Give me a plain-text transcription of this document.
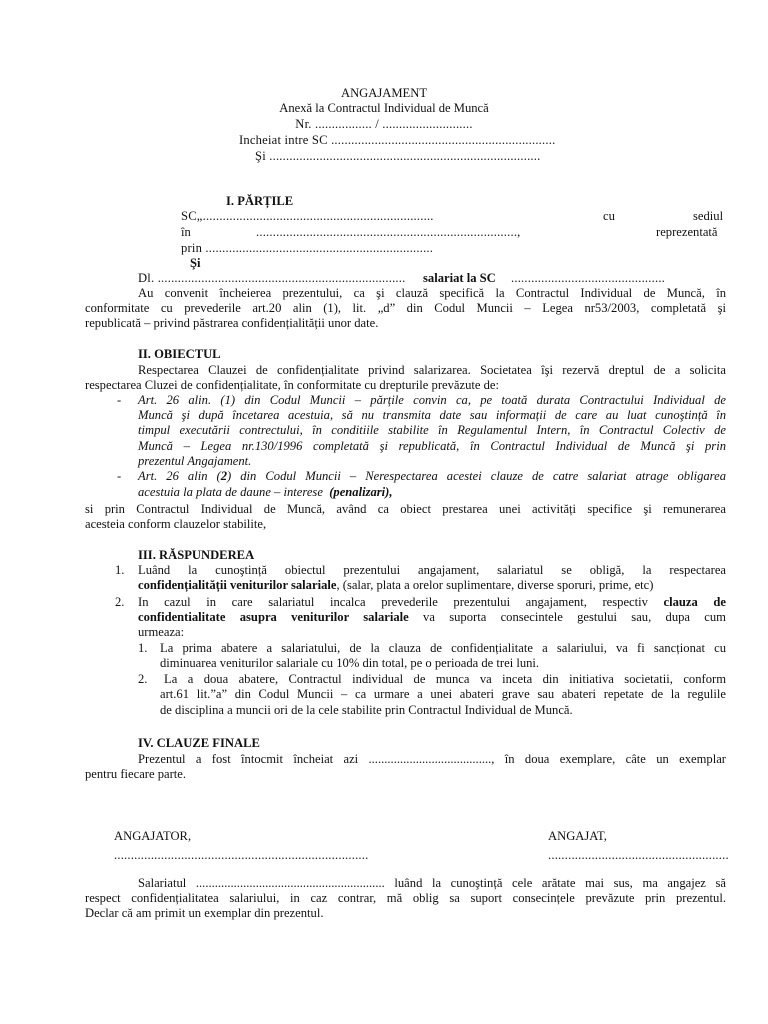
ANGAJAMENT
Anexă la Contractul Individual de Muncă
Nr. ................. / ...........................
Incheiat intre SC ...................................................................
Şi .................................................................................
I. PĂRȚILE
SC„.....................................................................	cu	sediul
în	..............................................................................,	reprezentată
prin ....................................................................
Şi
Dl. .......................................................................... salariat la SC ..............................................
Au convenit încheierea prezentului, ca şi clauză specifică la Contractul Individual de Muncă, în
conformitate cu prevederile art.20 alin (1), lit. „d” din Codul Muncii – Legea nr53/2003, completată şi
republicată – privind păstrarea confidențialității unor date.
II. OBIECTUL
Respectarea Clauzei de confidențialitate privind salarizarea. Societatea îşi rezervă dreptul de a solicita
respectarea Cluzei de confidențialitate, în conformitate cu drepturile prevăzute de:
- Art. 26 alin. (1) din Codul Muncii – părțile convin ca, pe toată durata Contractului Individual de
Muncă şi după încetarea acestuia, să nu transmita date sau informații de care au luat cunoştință în
timpul executării contrectului, în conditiile stabilite în Regulamentul Intern, în Contractul Colectiv de
Muncă – Legea nr.130/1996 completată şi republicată, în Contractul Individual de Muncă şi prin
prezentul Angajament.
- Art. 26 alin (2) din Codul Muncii – Nerespectarea acestei clauze de catre salariat atrage obligarea
acestuia la plata de daune – interese (penalizari),
si prin Contractul Individual de Muncă, având ca obiect prestarea unei activități specifice şi remunerarea
acesteia conform clauzelor stabilite,
III. RĂSPUNDEREA
1. Luând la cunoştință obiectul prezentului angajament, salariatul se obligă, la respectarea
confidențialității veniturilor salariale, (salar, plata a orelor suplimentare, diverse sporuri, prime, etc)
2. In cazul in care salariatul incalca prevederile prezentului angajament, respectiv clauza de
confidentialitate asupra veniturilor salariale va suporta consecintele gestului sau, dupa cum
urmeaza:
1. La prima abatere a salariatului, de la clauza de confidențialitate a salariului, va fi sancționat cu
diminuarea veniturilor salariale cu 10% din total, pe o perioada de trei luni.
2. La a doua abatere, Contractul individual de munca va inceta din initiativa societatii, conform
art.61 lit.”a” din Codul Muncii – ca urmare a unei abateri grave sau abateri repetate de la regulile
de disciplina a muncii ori de la cele stabilite prin Contractul Individual de Muncă.
IV. CLAUZE FINALE
Prezentul a fost întocmit încheiat azi ......................................., în doua exemplare, câte un exemplar
pentru fiecare parte.
ANGAJATOR,
............................................................................
ANGAJAT,
......................................................
Salariatul ............................................................ luând la cunoştință cele arătate mai sus, ma angajez să
respect confidențialitatea salariului, in caz contrar, mă oblig sa suport consecințele prevăzute prin prezentul.
Declar că am primit un exemplar din prezentul.
